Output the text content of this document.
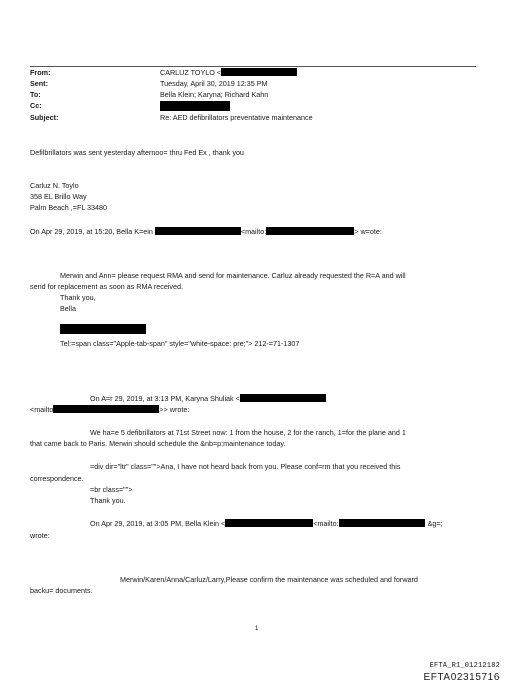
From:	CARLUZ TOYLO <
Sent:	Tuesday, April 30, 2019 12:35 PM
To:	Bella Klein; Karyna; Richard Kahn
Cc:
Subject:	Re: AED defibrillators preventative maintenance
Defilbrillators was sent yesterday afternoo= thru Fed Ex , thank you
Carluz N. Toylo
358 EL Brillo Way
Palm Beach ,=FL 33480
On Apr 29, 2019, at 15:20, Bella K=ein	<mailto:	> w=ote:
Merwin and Ann= please request RMA and send for maintenance. Carluz already requested the R=A and will
send for replacement as soon as RMA received.
Thank you,
Bella
Tel:=span class="Apple-tab-span" style="white-space: pre;"> 212-=71-1307
On A=r 29, 2019, at 3:13 PM, Karyna Shuliak <
<mailto	>> wrote:
We ha=e 5 defibrillators at 71st Street now: 1 from the house, 2 for the ranch, 1=for the plane and 1
that came back to Paris. Merwin should schedule the &nb=p;maintenance today.
=div dir="ltr" class="">Ana, I have not heard back from you. Please conf=rm that you received this
correspondence.
=br class="">
Thank you.
On Apr 29, 2019, at 3:05 PM, Bella Klein <	<mailto:	&g=;
wrote:
Merwin/Karen/Anna/Carluz/Larry,Please confirm the maintenance was scheduled and forward
backu= documents.
1
EFTA_R1_01212182
EFTA02315716
